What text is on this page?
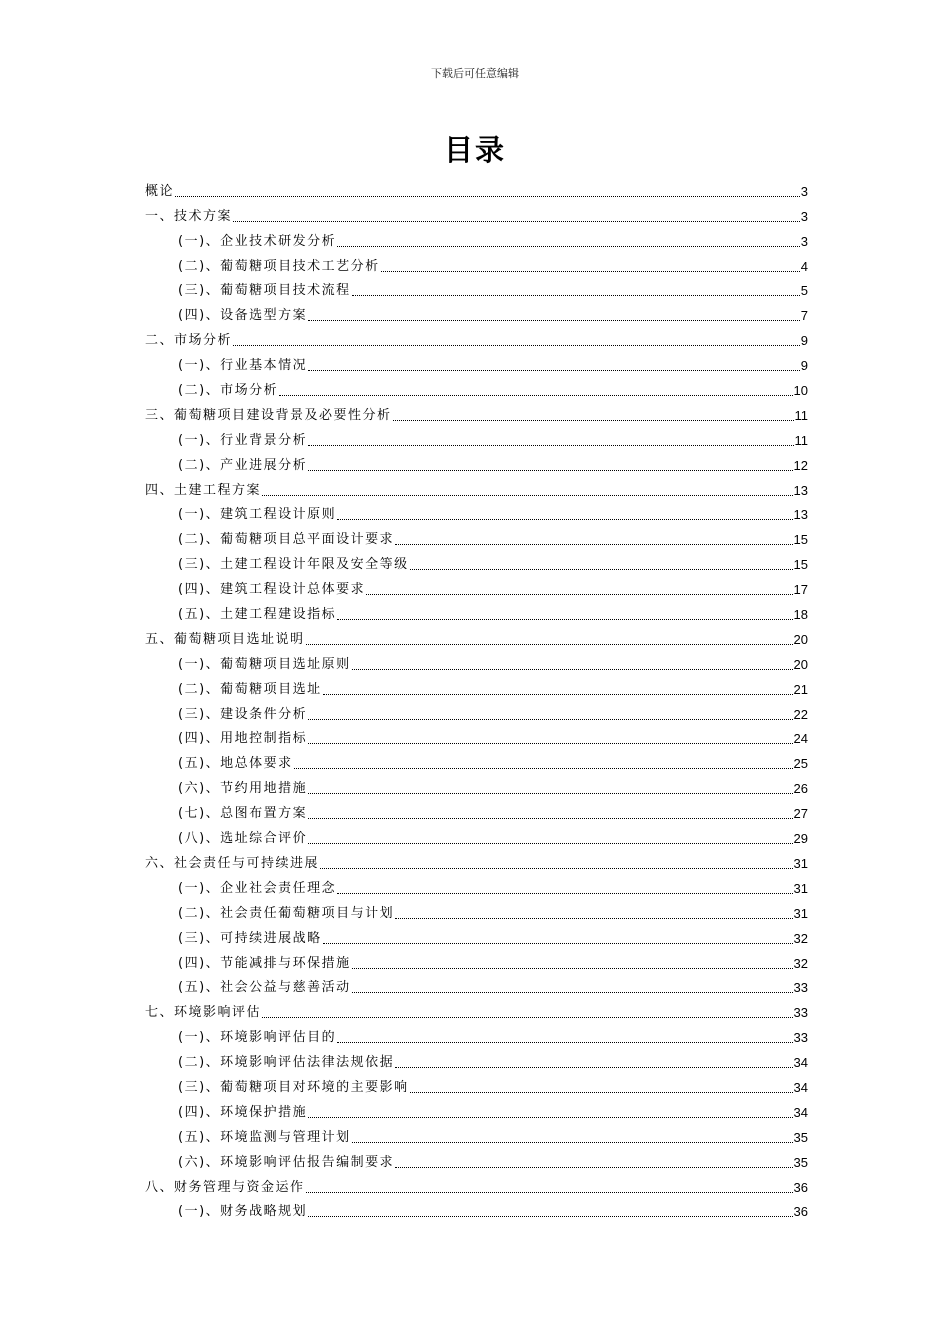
下载后可任意编辑
目录
概论	3
一、技术方案	3
(一)、企业技术研发分析	3
(二)、葡萄糖项目技术工艺分析	4
(三)、葡萄糖项目技术流程	5
(四)、设备选型方案	7
二、市场分析	9
(一)、行业基本情况	9
(二)、市场分析	10
三、葡萄糖项目建设背景及必要性分析	11
(一)、行业背景分析	11
(二)、产业进展分析	12
四、土建工程方案	13
(一)、建筑工程设计原则	13
(二)、葡萄糖项目总平面设计要求	15
(三)、土建工程设计年限及安全等级	15
(四)、建筑工程设计总体要求	17
(五)、土建工程建设指标	18
五、葡萄糖项目选址说明	20
(一)、葡萄糖项目选址原则	20
(二)、葡萄糖项目选址	21
(三)、建设条件分析	22
(四)、用地控制指标	24
(五)、地总体要求	25
(六)、节约用地措施	26
(七)、总图布置方案	27
(八)、选址综合评价	29
六、社会责任与可持续进展	31
(一)、企业社会责任理念	31
(二)、社会责任葡萄糖项目与计划	31
(三)、可持续进展战略	32
(四)、节能减排与环保措施	32
(五)、社会公益与慈善活动	33
七、环境影响评估	33
(一)、环境影响评估目的	33
(二)、环境影响评估法律法规依据	34
(三)、葡萄糖项目对环境的主要影响	34
(四)、环境保护措施	34
(五)、环境监测与管理计划	35
(六)、环境影响评估报告编制要求	35
八、财务管理与资金运作	36
(一)、财务战略规划	36
